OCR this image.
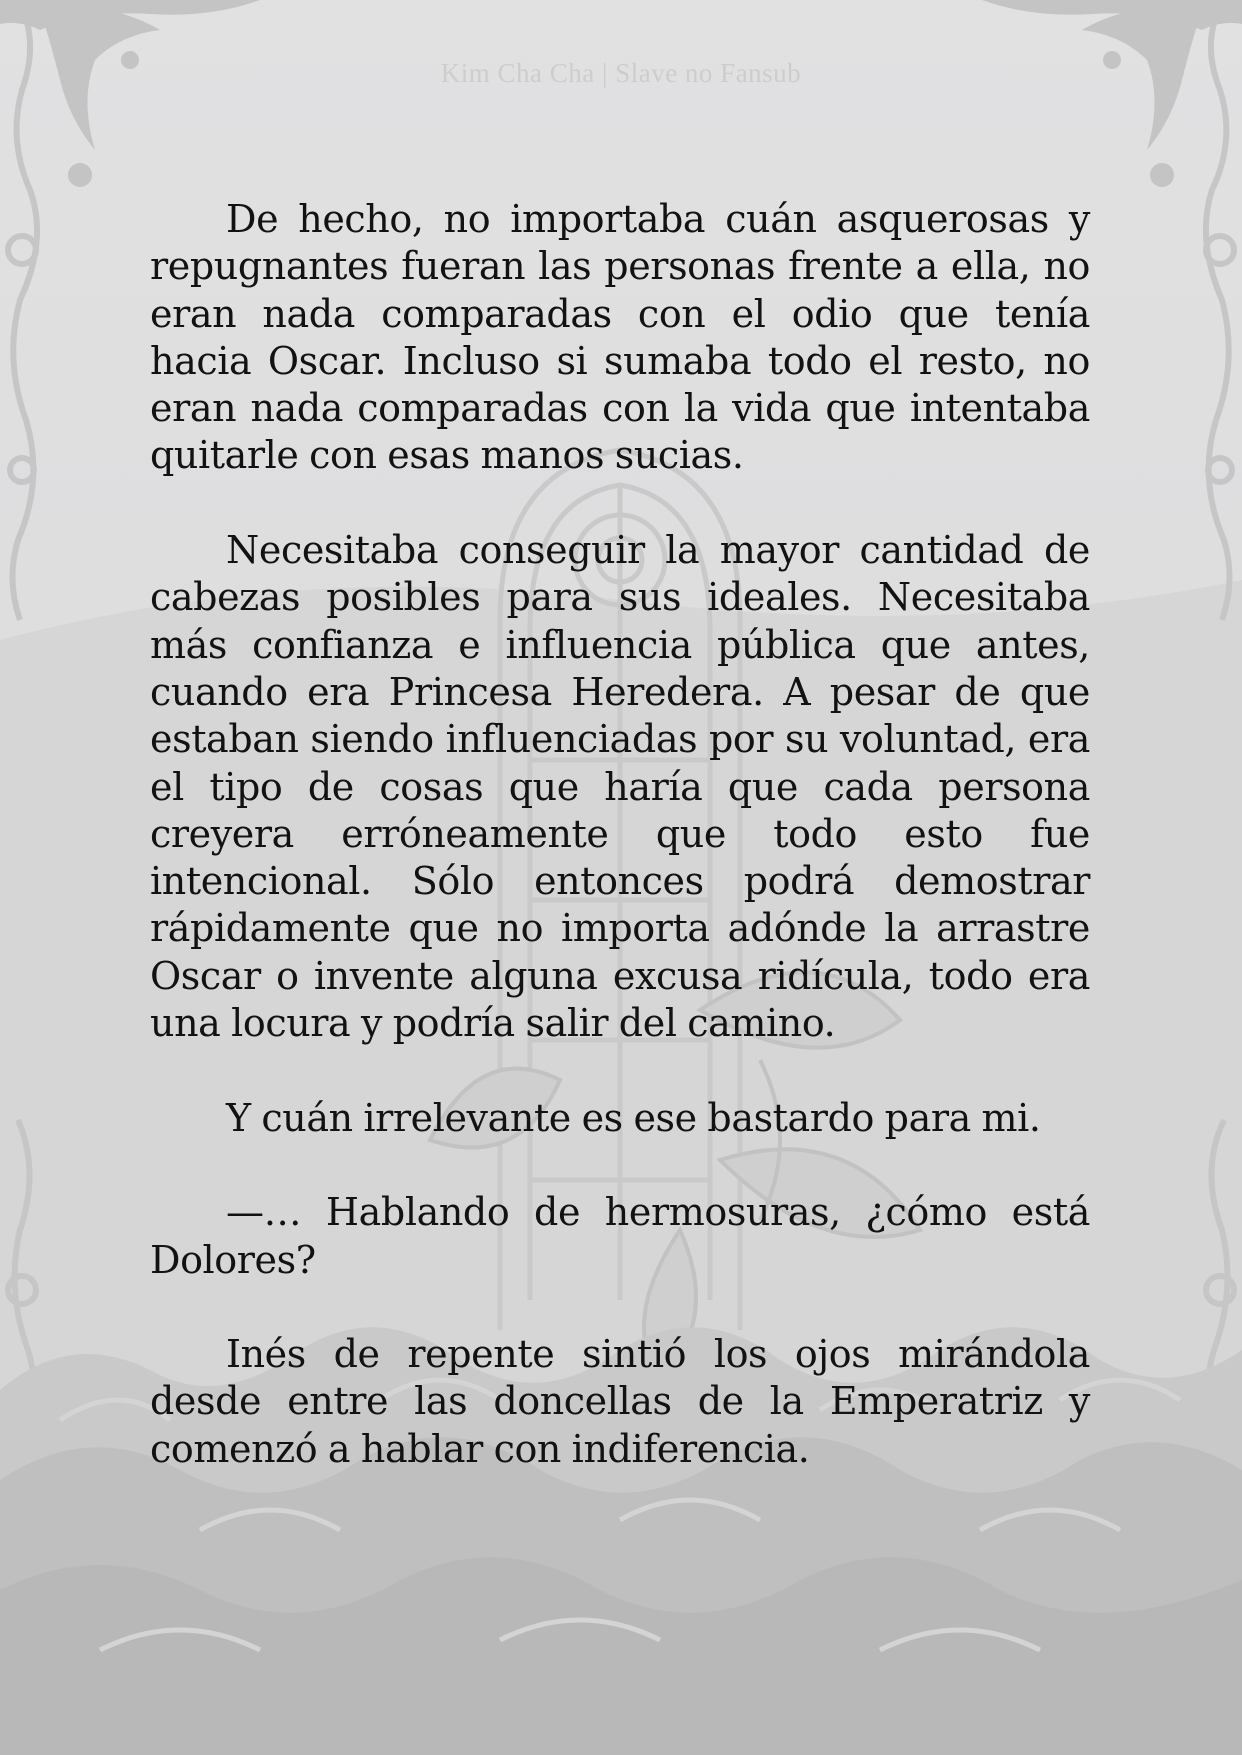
Kim Cha Cha | Slave no Fansub

De hecho, no importaba cuán asquerosas y repugnantes fueran las personas frente a ella, no eran nada comparadas con el odio que tenía hacia Oscar. Incluso si sumaba todo el resto, no eran nada comparadas con la vida que intentaba quitarle con esas manos sucias.

Necesitaba conseguir la mayor cantidad de cabezas posibles para sus ideales. Necesitaba más confianza e influencia pública que antes, cuando era Princesa Heredera. A pesar de que estaban siendo influenciadas por su voluntad, era el tipo de cosas que haría que cada persona creyera erróneamente que todo esto fue intencional. Sólo entonces podrá demostrar rápidamente que no importa adónde la arrastre Oscar o invente alguna excusa ridícula, todo era una locura y podría salir del camino.

Y cuán irrelevante es ese bastardo para mi.

—… Hablando de hermosuras, ¿cómo está Dolores?

Inés de repente sintió los ojos mirándola desde entre las doncellas de la Emperatriz y comenzó a hablar con indiferencia.
